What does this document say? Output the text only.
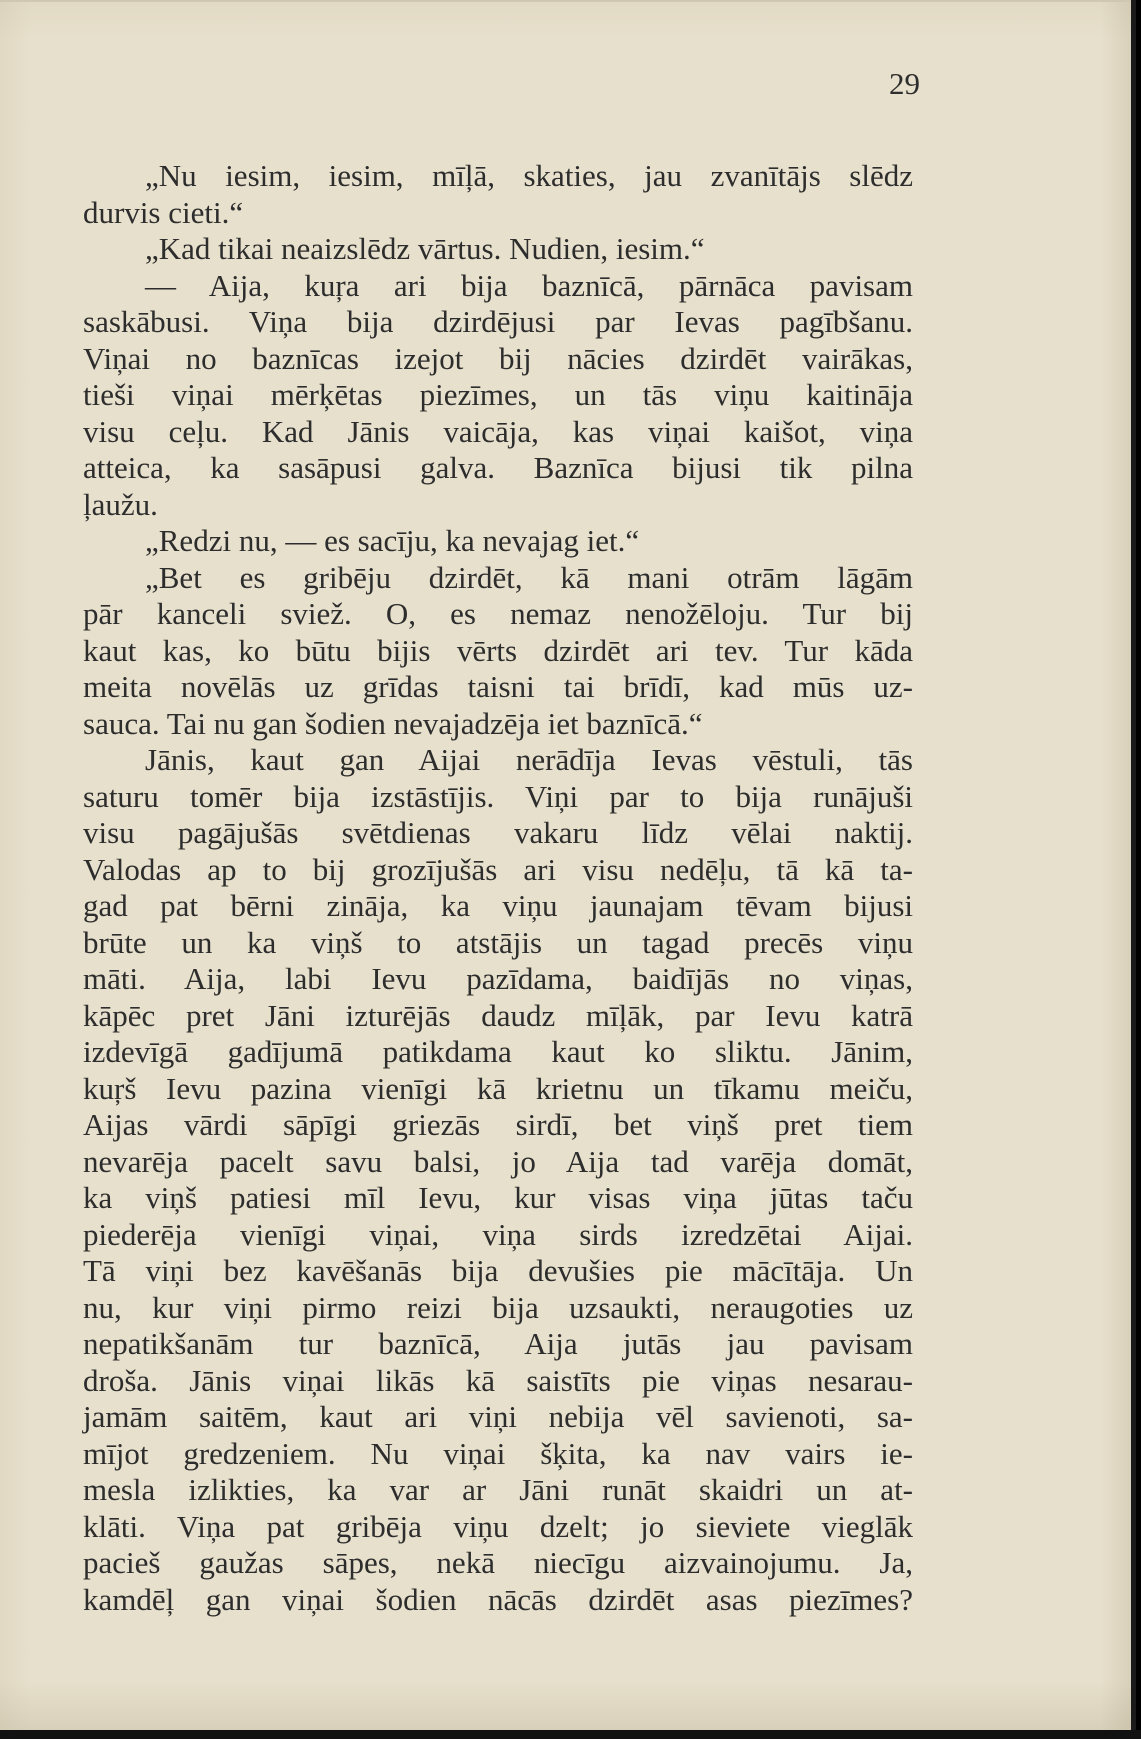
29
„Nu iesim, iesim, mīļā, skaties, jau zvanītājs slēdz
durvis cieti.“
„Kad tikai neaizslēdz vārtus. Nudien, iesim.“
— Aija, kuŗa ari bija baznīcā, pārnāca pavisam
saskābusi. Viņa bija dzirdējusi par Ievas pagībšanu.
Viņai no baznīcas izejot bij nācies dzirdēt vairākas,
tieši viņai mērķētas piezīmes, un tās viņu kaitināja
visu ceļu. Kad Jānis vaicāja, kas viņai kaišot, viņa
atteica, ka sasāpusi galva. Baznīca bijusi tik pilna
ļaužu.
„Redzi nu, — es sacīju, ka nevajag iet.“
„Bet es gribēju dzirdēt, kā mani otrām lāgām
pār kanceli sviež. O, es nemaz nenožēloju. Tur bij
kaut kas, ko būtu bijis vērts dzirdēt ari tev. Tur kāda
meita novēlās uz grīdas taisni tai brīdī, kad mūs uz-
sauca. Tai nu gan šodien nevajadzēja iet baznīcā.“
Jānis, kaut gan Aijai nerādīja Ievas vēstuli, tās
saturu tomēr bija izstāstījis. Viņi par to bija runājuši
visu pagājušās svētdienas vakaru līdz vēlai naktij.
Valodas ap to bij grozījušās ari visu nedēļu, tā kā ta-
gad pat bērni zināja, ka viņu jaunajam tēvam bijusi
brūte un ka viņš to atstājis un tagad precēs viņu
māti. Aija, labi Ievu pazīdama, baidījās no viņas,
kāpēc pret Jāni izturējās daudz mīļāk, par Ievu katrā
izdevīgā gadījumā patikdama kaut ko sliktu. Jānim,
kuŗš Ievu pazina vienīgi kā krietnu un tīkamu meiču,
Aijas vārdi sāpīgi griezās sirdī, bet viņš pret tiem
nevarēja pacelt savu balsi, jo Aija tad varēja domāt,
ka viņš patiesi mīl Ievu, kur visas viņa jūtas taču
piederēja vienīgi viņai, viņa sirds izredzētai Aijai.
Tā viņi bez kavēšanās bija devušies pie mācītāja. Un
nu, kur viņi pirmo reizi bija uzsaukti, neraugoties uz
nepatikšanām tur baznīcā, Aija jutās jau pavisam
droša. Jānis viņai likās kā saistīts pie viņas nesarau-
jamām saitēm, kaut ari viņi nebija vēl savienoti, sa-
mījot gredzeniem. Nu viņai šķita, ka nav vairs ie-
mesla izlikties, ka var ar Jāni runāt skaidri un at-
klāti. Viņa pat gribēja viņu dzelt; jo sieviete vieglāk
pacieš gaužas sāpes, nekā niecīgu aizvainojumu. Ja,
kamdēļ gan viņai šodien nācās dzirdēt asas piezīmes?
